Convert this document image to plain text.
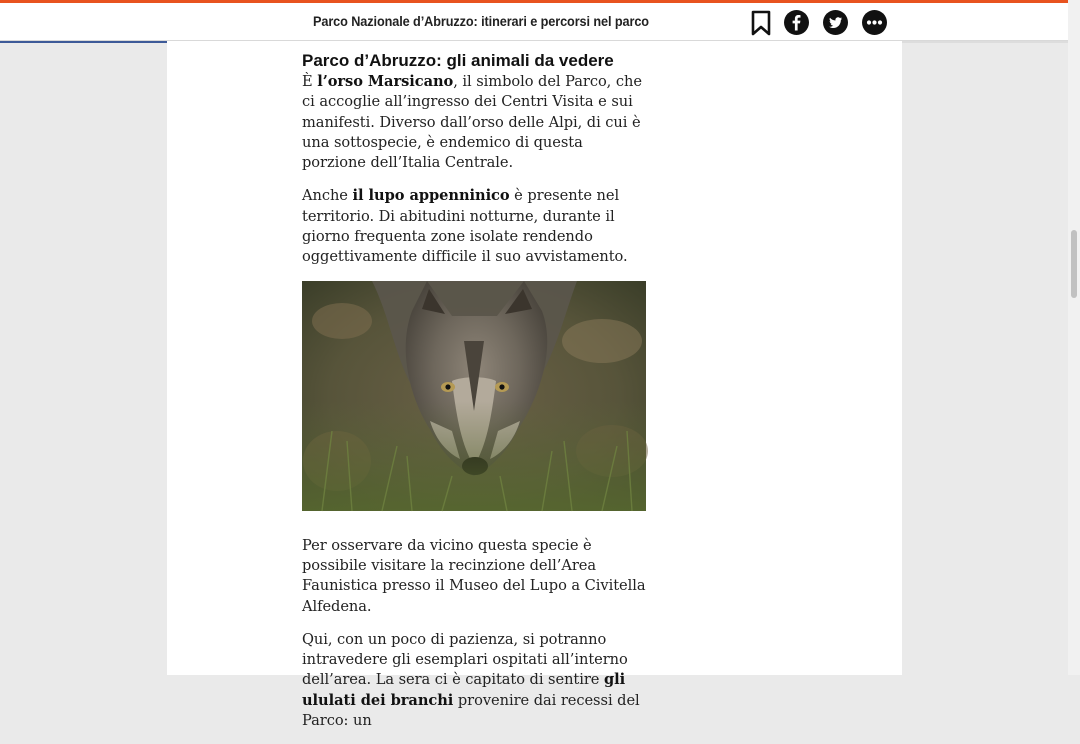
Parco Nazionale d’Abruzzo: itinerari e percorsi nel parco
Parco d’Abruzzo: gli animali da vedere

È l’orso Marsicano, il simbolo del Parco, che ci accoglie all’ingresso dei Centri Visita e sui manifesti. Diverso dall’orso delle Alpi, di cui è una sottospecie, è endemico di questa porzione dell’Italia Centrale.

Anche il lupo appenninico è presente nel territorio. Di abitudini notturne, durante il giorno frequenta zone isolate rendendo oggettivamente difficile il suo avvistamento.

Per osservare da vicino questa specie è possibile visitare la recinzione dell’Area Faunistica presso il Museo del Lupo a Civitella Alfedena.

Qui, con un poco di pazienza, si potranno intravedere gli esemplari ospitati all’interno dell’area. La sera ci è capitato di sentire gli ululati dei branchi provenire dai recessi del Parco: un
